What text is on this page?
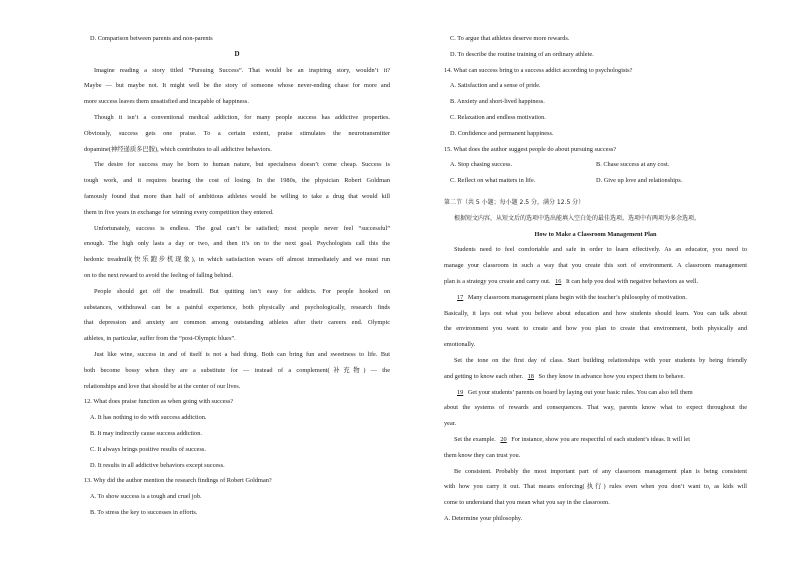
D. Comparison between parents and non-parents
D
Imagine reading a story titled “Pursuing Success”. That would be an inspiring story, wouldn’t it?
Maybe — but maybe not. It might well be the story of someone whose never-ending chase for more and
more success leaves them unsatisfied and incapable of happiness.
Though it isn’t a conventional medical addiction, for many people success has addictive properties.
Obviously, success gets one praise. To a certain extent, praise stimulates the neurotransmitter
dopamine(神经递质多巴胺), which contributes to all addictive behaviors.
The desire for success may be born to human nature, but specialness doesn’t come cheap. Success is
tough work, and it requires bearing the cost of losing. In the 1980s, the physician Robert Goldman
famously found that more than half of ambitious athletes would be willing to take a drug that would kill
them in five years in exchange for winning every competition they entered.
Unfortunately, success is endless. The goal can’t be satisfied; most people never feel “successful”
enough. The high only lasts a day or two, and then it’s on to the next goal. Psychologists call this the
hedonic treadmill(快乐跑步机现象), in which satisfaction wears off almost immediately and we must run
on to the next reward to avoid the feeling of falling behind.
People should get off the treadmill. But quitting isn’t easy for addicts. For people hooked on
substances, withdrawal can be a painful experience, both physically and psychologically, research finds
that depression and anxiety are common among outstanding athletes after their careers end. Olympic
athletes, in particular, suffer from the “post-Olympic blues”.
Just like wine, success in and of itself is not a bad thing. Both can bring fun and sweetness to life. But
both become bossy when they are a substitute for — instead of a complement(补充物) — the
relationships and love that should be at the center of our lives.
12. What does praise function as when going with success?
A. It has nothing to do with success addiction.
B. It may indirectly cause success addiction.
C. It always brings positive results of success.
D. It results in all addictive behaviors except success.
13. Why did the author mention the research findings of Robert Goldman?
A. To show success is a tough and cruel job.
B. To stress the key to successes in efforts.
C. To argue that athletes deserve more rewards.
D. To describe the routine training of an ordinary athlete.
14. What can success bring to a success addict according to psychologists?
A. Satisfaction and a sense of pride.
B. Anxiety and short-lived happiness.
C. Relaxation and endless motivation.
D. Confidence and permanent happiness.
15. What does the author suggest people do about pursuing success?
A. Stop chasing success.	B. Chase success at any cost.
C. Reflect on what matters in life.	D. Give up love and relationships.
第二节（共 5 小题；每小题 2.5 分，满分 12.5 分）
根据短文内容，从短文后的选项中选出能填入空白处的最佳选项。选项中有两项为多余选项。
How to Make a Classroom Management Plan
Students need to feel comfortable and safe in order to learn effectively. As an educator, you need to
manage your classroom in such a way that you create this sort of environment. A classroom management
plan is a strategy you create and carry out. 16 It can help you deal with negative behaviors as well.
17 Many classroom management plans begin with the teacher’s philosophy of motivation.
Basically, it lays out what you believe about education and how students should learn. You can talk about
the environment you want to create and how you plan to create that environment, both physically and
emotionally.
Set the tone on the first day of class. Start building relationships with your students by being friendly
and getting to know each other. 18 So they know in advance how you expect them to behave.
19 Get your students’ parents on board by laying out your basic rules. You can also tell them
about the systems of rewards and consequences. That way, parents know what to expect throughout the
year.
Set the example. 20 For instance, show you are respectful of each student’s ideas. It will let
them know they can trust you.
Be consistent. Probably the most important part of any classroom management plan is being consistent
with how you carry it out. That means enforcing(执行) rules even when you don’t want to, as kids will
come to understand that you mean what you say in the classroom.
A. Determine your philosophy.
